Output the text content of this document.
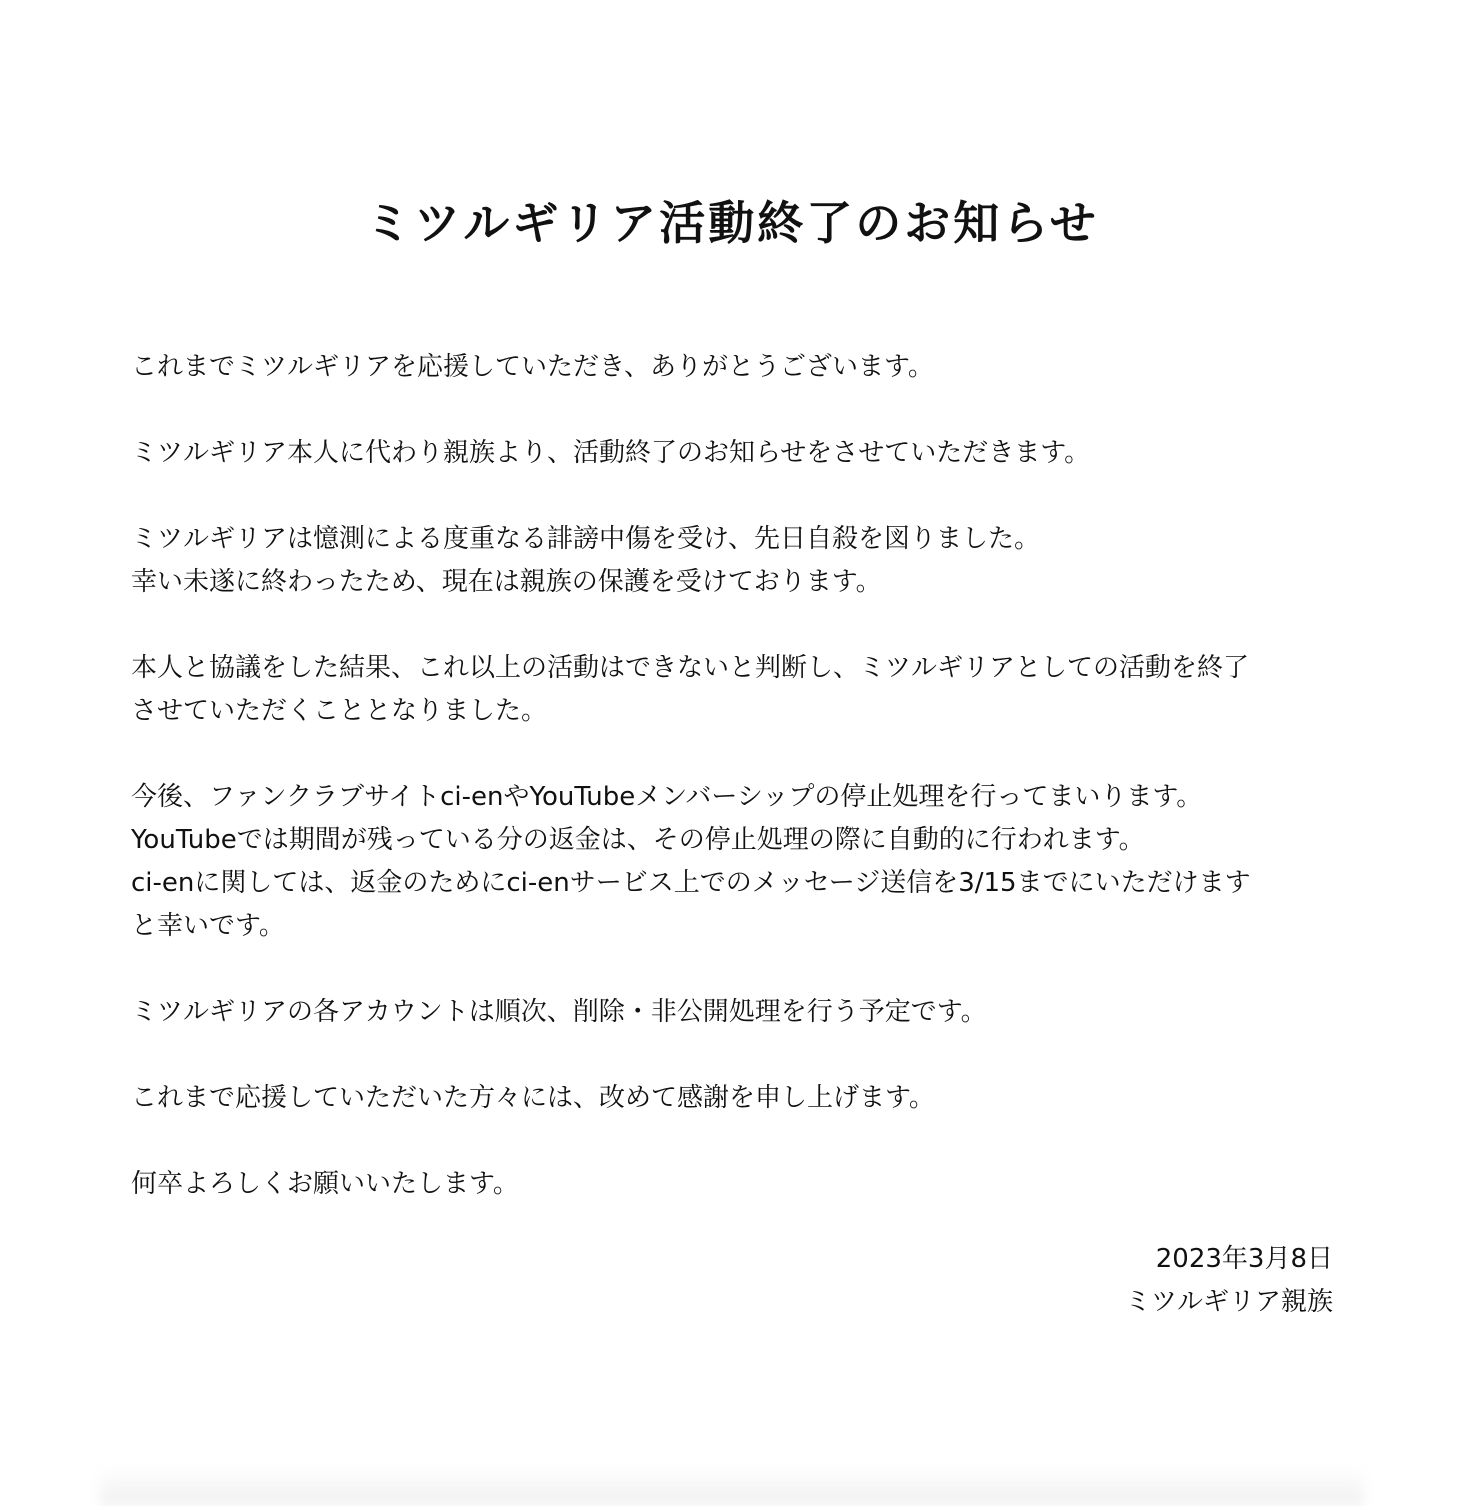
ミツルギリア活動終了のお知らせ

これまでミツルギリアを応援していただき、ありがとうございます。

ミツルギリア本人に代わり親族より、活動終了のお知らせをさせていただきます。

ミツルギリアは憶測による度重なる誹謗中傷を受け、先日自殺を図りました。
幸い未遂に終わったため、現在は親族の保護を受けております。

本人と協議をした結果、これ以上の活動はできないと判断し、ミツルギリアとしての活動を終了
させていただくこととなりました。

今後、ファンクラブサイトci-enやYouTubeメンバーシップの停止処理を行ってまいります。
YouTubeでは期間が残っている分の返金は、その停止処理の際に自動的に行われます。
ci-enに関しては、返金のためにci-enサービス上でのメッセージ送信を3/15までにいただけます
と幸いです。

ミツルギリアの各アカウントは順次、削除・非公開処理を行う予定です。

これまで応援していただいた方々には、改めて感謝を申し上げます。

何卒よろしくお願いいたします。

2023年3月8日
ミツルギリア親族
